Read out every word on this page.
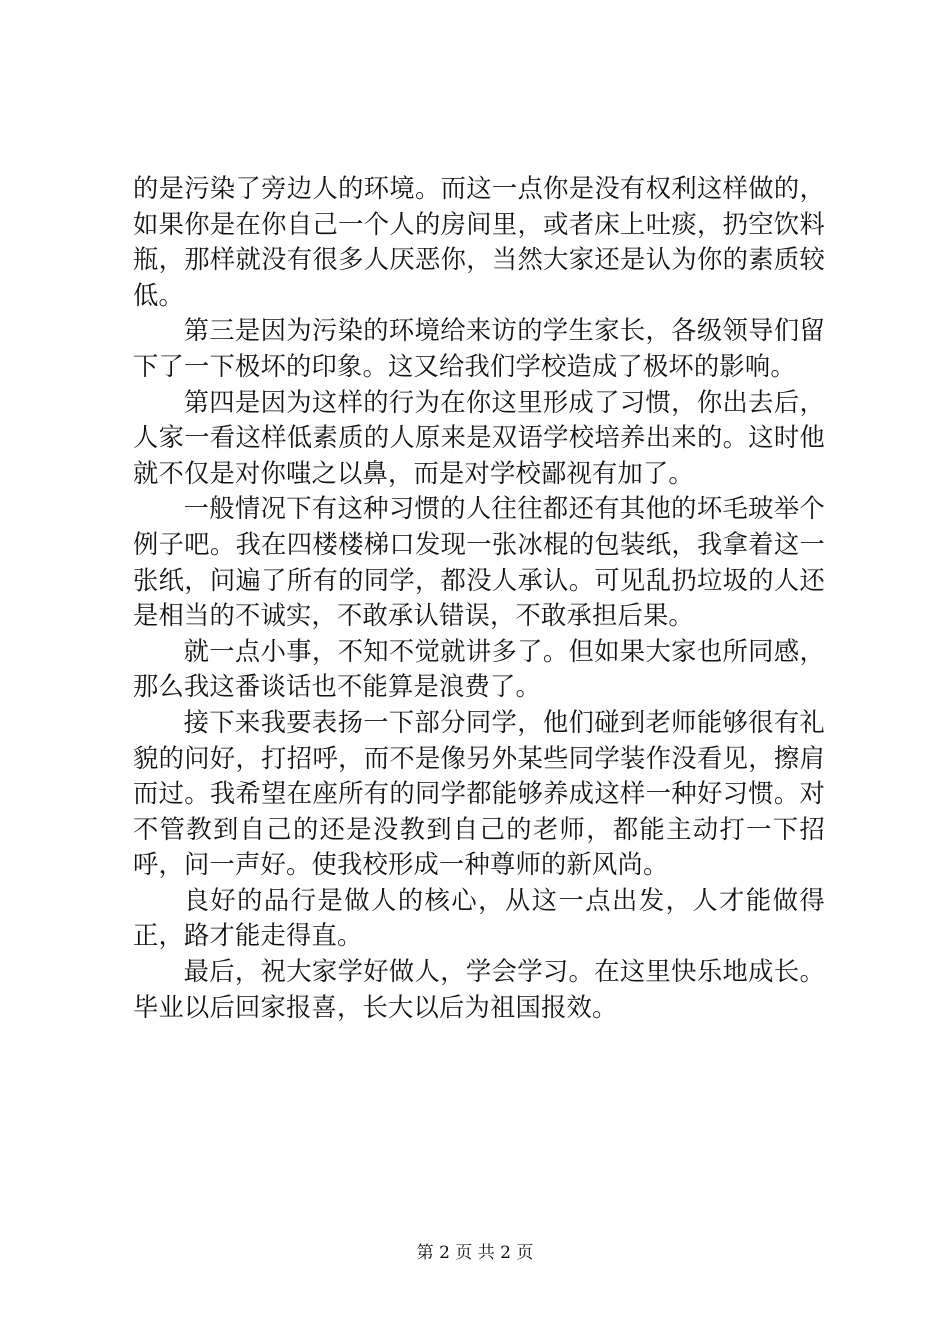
的是污染了旁边人的环境。而这一点你是没有权利这样做的，如果你是在你自己一个人的房间里，或者床上吐痰，扔空饮料瓶，那样就没有很多人厌恶你，当然大家还是认为你的素质较低。

第三是因为污染的环境给来访的学生家长，各级领导们留下了一下极坏的印象。这又给我们学校造成了极坏的影响。

第四是因为这样的行为在你这里形成了习惯，你出去后，人家一看这样低素质的人原来是双语学校培养出来的。这时他就不仅是对你嗤之以鼻，而是对学校鄙视有加了。

一般情况下有这种习惯的人往往都还有其他的坏毛玻举个例子吧。我在四楼楼梯口发现一张冰棍的包装纸，我拿着这一张纸，问遍了所有的同学，都没人承认。可见乱扔垃圾的人还是相当的不诚实，不敢承认错误，不敢承担后果。

就一点小事，不知不觉就讲多了。但如果大家也所同感，那么我这番谈话也不能算是浪费了。

接下来我要表扬一下部分同学，他们碰到老师能够很有礼貌的问好，打招呼，而不是像另外某些同学装作没看见，擦肩而过。我希望在座所有的同学都能够养成这样一种好习惯。对不管教到自己的还是没教到自己的老师，都能主动打一下招呼，问一声好。使我校形成一种尊师的新风尚。

良好的品行是做人的核心，从这一点出发，人才能做得正，路才能走得直。

最后，祝大家学好做人，学会学习。在这里快乐地成长。毕业以后回家报喜，长大以后为祖国报效。

第 2 页 共 2 页
